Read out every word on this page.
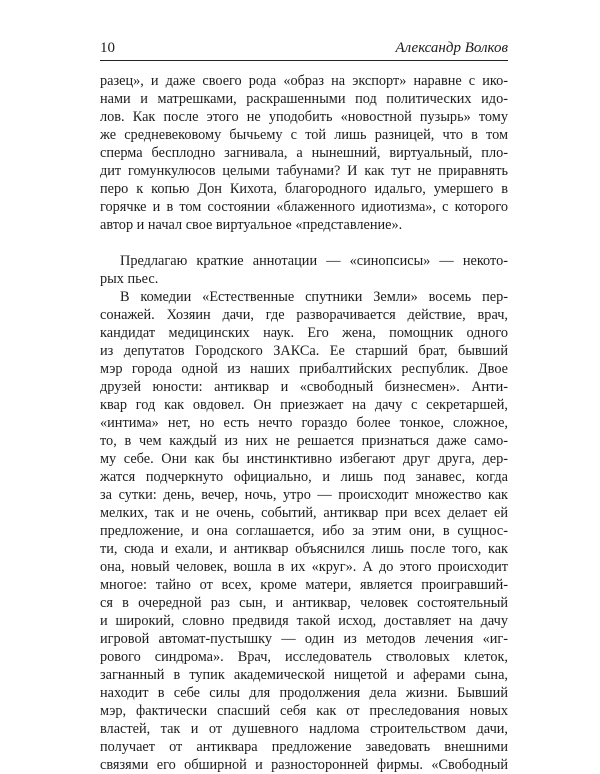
10	Александр Волков
разец», и даже своего рода «образ на экспорт» наравне с ико-
нами и матрешками, раскрашенными под политических идо-
лов. Как после этого не уподобить «новостной пузырь» тому
же средневековому бычьему с той лишь разницей, что в том
сперма бесплодно загнивала, а нынешний, виртуальный, пло-
дит гомункулюсов целыми табунами? И как тут не приравнять
перо к копью Дон Кихота, благородного идальго, умершего в
горячке и в том состоянии «блаженного идиотизма», с которого
автор и начал свое виртуальное «представление».
Предлагаю краткие аннотации — «синопсисы» — некото-
рых пьес.
В комедии «Естественные спутники Земли» восемь пер-
сонажей. Хозяин дачи, где разворачивается действие, врач,
кандидат медицинских наук. Его жена, помощник одного
из депутатов Городского ЗАКСа. Ее старший брат, бывший
мэр города одной из наших прибалтийских республик. Двое
друзей юности: антиквар и «свободный бизнесмен». Анти-
квар год как овдовел. Он приезжает на дачу с секретаршей,
«интима» нет, но есть нечто гораздо более тонкое, сложное,
то, в чем каждый из них не решается признаться даже само-
му себе. Они как бы инстинктивно избегают друг друга, дер-
жатся подчеркнуто официально, и лишь под занавес, когда
за сутки: день, вечер, ночь, утро — происходит множество как
мелких, так и не очень, событий, антиквар при всех делает ей
предложение, и она соглашается, ибо за этим они, в сущнос-
ти, сюда и ехали, и антиквар объяснился лишь после того, как
она, новый человек, вошла в их «круг». А до этого происходит
многое: тайно от всех, кроме матери, является проигравший-
ся в очередной раз сын, и антиквар, человек состоятельный
и широкий, словно предвидя такой исход, доставляет на дачу
игровой автомат-пустышку — один из методов лечения «иг-
рового синдрома». Врач, исследователь стволовых клеток,
загнанный в тупик академической нищетой и аферами сына,
находит в себе силы для продолжения дела жизни. Бывший
мэр, фактически спасший себя как от преследования новых
властей, так и от душевного надлома строительством дачи,
получает от антиквара предложение заведовать внешними
связями его обширной и разносторонней фирмы. «Свободный
